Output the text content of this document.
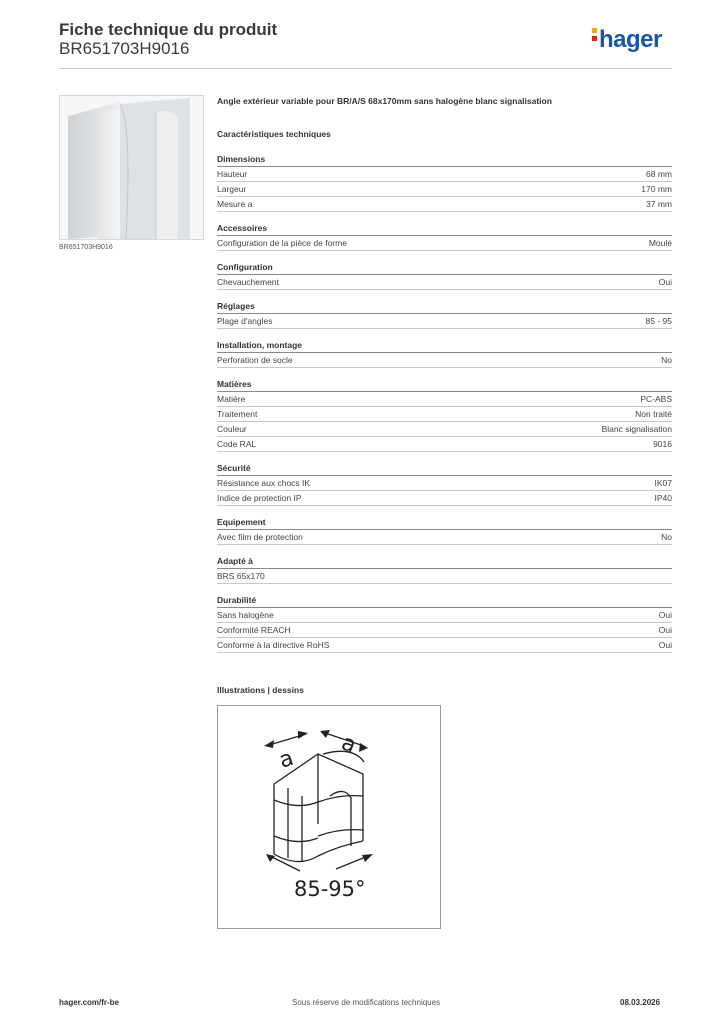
Fiche technique du produit
BR651703H9016	hager
BR651703H9016
Angle extérieur variable pour BR/A/S 68x170mm sans halogène blanc signalisation
Caractéristiques techniques
Dimensions
Hauteur	68 mm
Largeur	170 mm
Mesure a	37 mm
Accessoires
Configuration de la pièce de forme	Moulé
Configuration
Chevauchement	Oui
Réglages
Plage d'angles	85 - 95
Installation, montage
Perforation de socle	No
Matières
Matière	PC-ABS
Traitement	Non traité
Couleur	Blanc signalisation
Code RAL	9016
Sécurité
Résistance aux chocs IK	IK07
Indice de protection IP	IP40
Equipement
Avec film de protection	No
Adapté à
BRS 65x170
Durabilité
Sans halogène	Oui
Conformité REACH	Oui
Conforme à la directive RoHS	Oui
Illustrations | dessins
a
a
85-95°
hager.com/fr-be	Sous réserve de modifications techniques	08.03.2026
